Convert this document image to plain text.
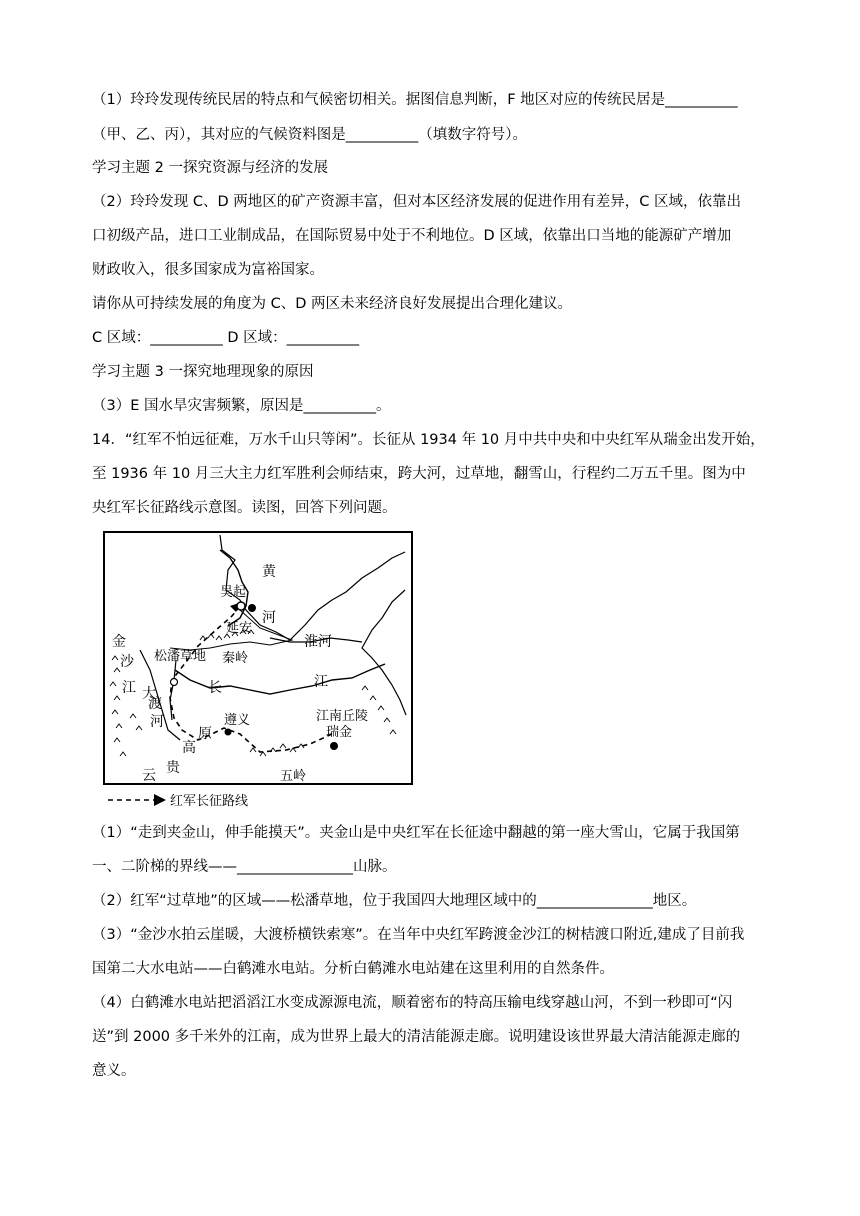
（1）玲玲发现传统民居的特点和气候密切相关。据图信息判断，F 地区对应的传统民居是__________
（甲、乙、丙），其对应的气候资料图是__________（填数字符号）。
学习主题 2 一探究资源与经济的发展
（2）玲玲发现 C、D 两地区的矿产资源丰富，但对本区经济发展的促进作用有差异，C 区域，依靠出
口初级产品，进口工业制成品，在国际贸易中处于不利地位。D 区域，依靠出口当地的能源矿产增加
财政收入，很多国家成为富裕国家。
请你从可持续发展的角度为 C、D 两区未来经济良好发展提出合理化建议。
C 区域：__________ D 区域：__________
学习主题 3 一探究地理现象的原因
（3）E 国水旱灾害频繁，原因是__________。
14．“红军不怕远征难，万水千山只等闲”。长征从 1934 年 10 月中共中央和中央红军从瑞金出发开始，
至 1936 年 10 月三大主力红军胜利会师结束，跨大河，过草地，翻雪山，行程约二万五千里。图为中
央红军长征路线示意图。读图，回答下列问题。
黄
河
吴起
延安
金
沙
江
松潘草地 秦岭
淮河
长	江
大
渡
河
高
原
遵义	江南丘陵
瑞金
云 贵
五岭
红军长征路线
（1）“走到夹金山，伸手能摸天”。夹金山是中央红军在长征途中翻越的第一座大雪山，它属于我国第
一、二阶梯的界线——________________山脉。
（2）红军“过草地”的区域——松潘草地，位于我国四大地理区域中的________________地区。
（3）“金沙水拍云崖暖，大渡桥横铁索寒”。在当年中央红军跨渡金沙江的树桔渡口附近,建成了目前我
国第二大水电站——白鹤滩水电站。分析白鹤滩水电站建在这里利用的自然条件。
（4）白鹤滩水电站把滔滔江水变成源源电流，顺着密布的特高压输电线穿越山河，不到一秒即可“闪
送”到 2000 多千米外的江南，成为世界上最大的清洁能源走廊。说明建设该世界最大清洁能源走廊的
意义。
